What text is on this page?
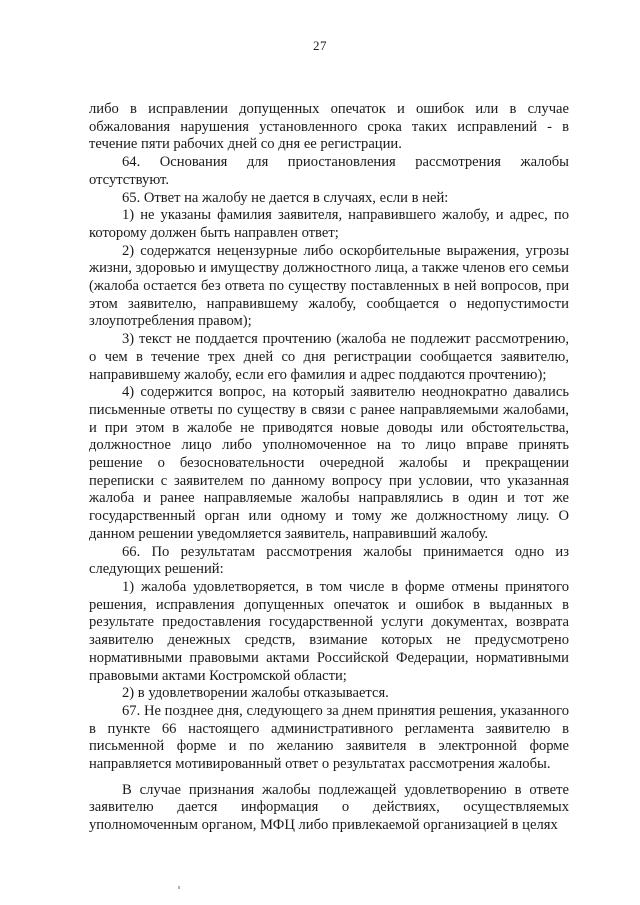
27

либо в исправлении допущенных опечаток и ошибок или в случае обжалования нарушения установленного срока таких исправлений - в течение пяти рабочих дней со дня ее регистрации.

64. Основания для приостановления рассмотрения жалобы отсутствуют.

65. Ответ на жалобу не дается в случаях, если в ней:

1) не указаны фамилия заявителя, направившего жалобу, и адрес, по которому должен быть направлен ответ;

2) содержатся нецензурные либо оскорбительные выражения, угрозы жизни, здоровью и имуществу должностного лица, а также членов его семьи (жалоба остается без ответа по существу поставленных в ней вопросов, при этом заявителю, направившему жалобу, сообщается о недопустимости злоупотребления правом);

3) текст не поддается прочтению (жалоба не подлежит рассмотрению, о чем в течение трех дней со дня регистрации сообщается заявителю, направившему жалобу, если его фамилия и адрес поддаются прочтению);

4) содержится вопрос, на который заявителю неоднократно давались письменные ответы по существу в связи с ранее направляемыми жалобами, и при этом в жалобе не приводятся новые доводы или обстоятельства, должностное лицо либо уполномоченное на то лицо вправе принять решение о безосновательности очередной жалобы и прекращении переписки с заявителем по данному вопросу при условии, что указанная жалоба и ранее направляемые жалобы направлялись в один и тот же государственный орган или одному и тому же должностному лицу. О данном решении уведомляется заявитель, направивший жалобу.

66. По результатам рассмотрения жалобы принимается одно из следующих решений:

1) жалоба удовлетворяется, в том числе в форме отмены принятого решения, исправления допущенных опечаток и ошибок в выданных в результате предоставления государственной услуги документах, возврата заявителю денежных средств, взимание которых не предусмотрено нормативными правовыми актами Российской Федерации, нормативными правовыми актами Костромской области;

2) в удовлетворении жалобы отказывается.

67. Не позднее дня, следующего за днем принятия решения, указанного в пункте 66 настоящего административного регламента заявителю в письменной форме и по желанию заявителя в электронной форме направляется мотивированный ответ о результатах рассмотрения жалобы.

В случае признания жалобы подлежащей удовлетворению в ответе заявителю дается информация о действиях, осуществляемых уполномоченным органом, МФЦ либо привлекаемой организацией в целях
